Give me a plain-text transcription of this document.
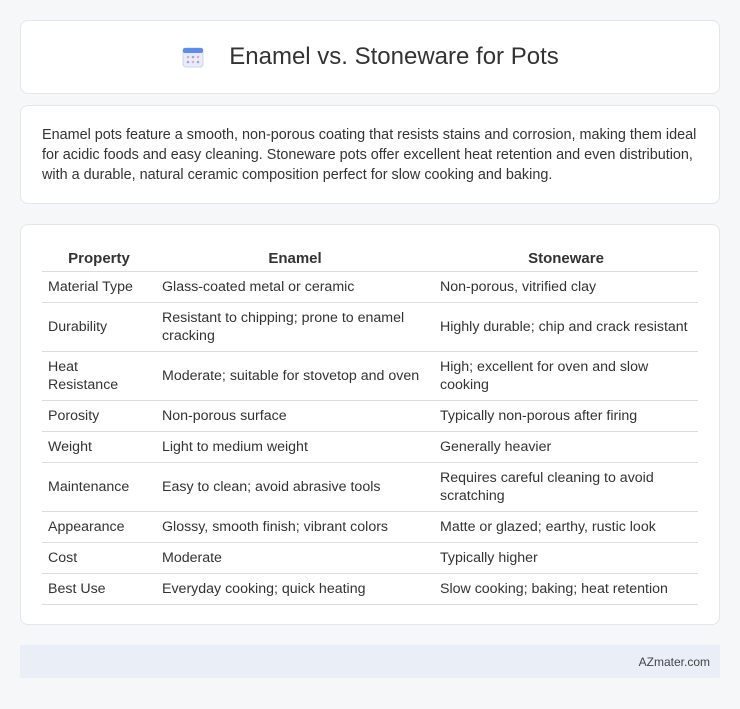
Enamel vs. Stoneware for Pots

Enamel pots feature a smooth, non-porous coating that resists stains and corrosion, making them ideal for acidic foods and easy cleaning. Stoneware pots offer excellent heat retention and even distribution, with a durable, natural ceramic composition perfect for slow cooking and baking.

Property	Enamel	Stoneware
Material Type	Glass-coated metal or ceramic	Non-porous, vitrified clay
Durability	Resistant to chipping; prone to enamel cracking	Highly durable; chip and crack resistant
Heat Resistance	Moderate; suitable for stovetop and oven	High; excellent for oven and slow cooking
Porosity	Non-porous surface	Typically non-porous after firing
Weight	Light to medium weight	Generally heavier
Maintenance	Easy to clean; avoid abrasive tools	Requires careful cleaning to avoid scratching
Appearance	Glossy, smooth finish; vibrant colors	Matte or glazed; earthy, rustic look
Cost	Moderate	Typically higher
Best Use	Everyday cooking; quick heating	Slow cooking; baking; heat retention
AZmater.com
